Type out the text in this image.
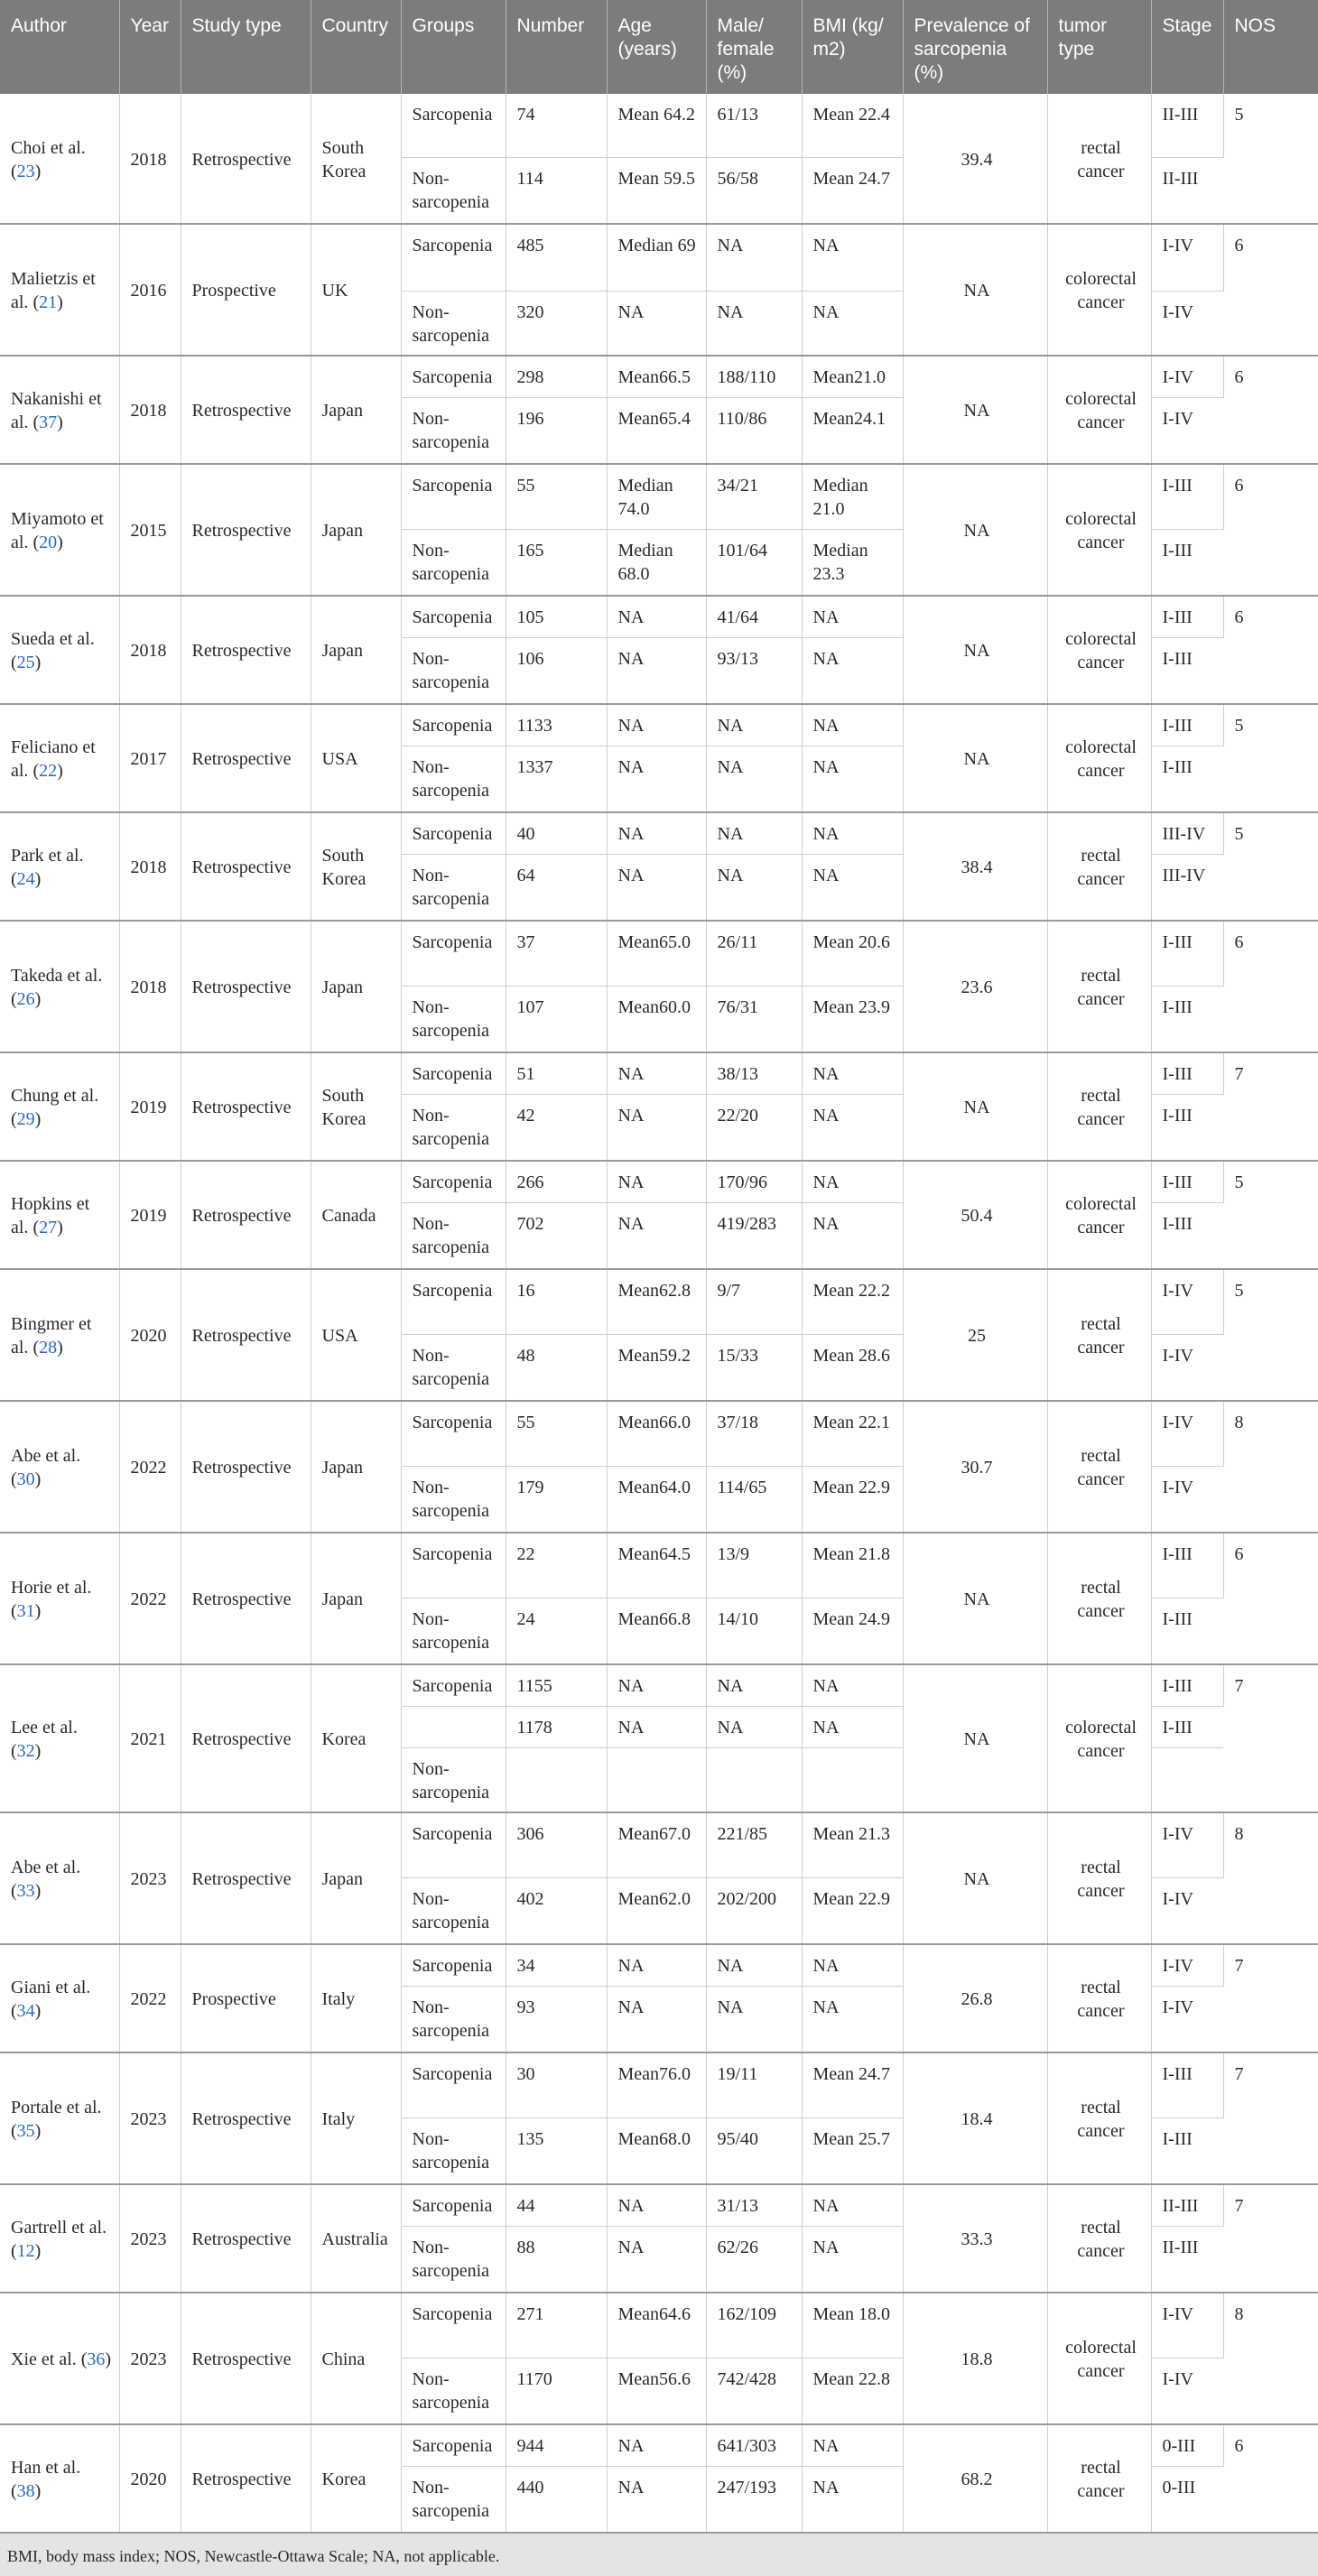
Author	Year	Study type	Country	Groups	Number	Age (years)	Male/ female (%)	BMI (kg/ m2)	Prevalence of sarcopenia (%)	tumor type	Stage	NOS
Choi et al. (23)	2018	Retrospective	South Korea	Sarcopenia	74	Mean 64.2	61/13	Mean 22.4	39.4	rectal cancer	II-III	5
				Non-sarcopenia	114	Mean 59.5	56/58	Mean 24.7			II-III	
Malietzis et al. (21)	2016	Prospective	UK	Sarcopenia	485	Median 69	NA	NA	NA	colorectal cancer	I-IV	6
				Non-sarcopenia	320	NA	NA	NA			I-IV	
Nakanishi et al. (37)	2018	Retrospective	Japan	Sarcopenia	298	Mean66.5	188/110	Mean21.0	NA	colorectal cancer	I-IV	6
				Non-sarcopenia	196	Mean65.4	110/86	Mean24.1			I-IV	
Miyamoto et al. (20)	2015	Retrospective	Japan	Sarcopenia	55	Median 74.0	34/21	Median 21.0	NA	colorectal cancer	I-III	6
				Non-sarcopenia	165	Median 68.0	101/64	Median 23.3			I-III	
Sueda et al. (25)	2018	Retrospective	Japan	Sarcopenia	105	NA	41/64	NA	NA	colorectal cancer	I-III	6
				Non-sarcopenia	106	NA	93/13	NA			I-III	
Feliciano et al. (22)	2017	Retrospective	USA	Sarcopenia	1133	NA	NA	NA	NA	colorectal cancer	I-III	5
				Non-sarcopenia	1337	NA	NA	NA			I-III	
Park et al. (24)	2018	Retrospective	South Korea	Sarcopenia	40	NA	NA	NA	38.4	rectal cancer	III-IV	5
				Non-sarcopenia	64	NA	NA	NA			III-IV	
Takeda et al. (26)	2018	Retrospective	Japan	Sarcopenia	37	Mean65.0	26/11	Mean 20.6	23.6	rectal cancer	I-III	6
				Non-sarcopenia	107	Mean60.0	76/31	Mean 23.9			I-III	
Chung et al. (29)	2019	Retrospective	South Korea	Sarcopenia	51	NA	38/13	NA	NA	rectal cancer	I-III	7
				Non-sarcopenia	42	NA	22/20	NA			I-III	
Hopkins et al. (27)	2019	Retrospective	Canada	Sarcopenia	266	NA	170/96	NA	50.4	colorectal cancer	I-III	5
				Non-sarcopenia	702	NA	419/283	NA			I-III	
Bingmer et al. (28)	2020	Retrospective	USA	Sarcopenia	16	Mean62.8	9/7	Mean 22.2	25	rectal cancer	I-IV	5
				Non-sarcopenia	48	Mean59.2	15/33	Mean 28.6			I-IV	
Abe et al. (30)	2022	Retrospective	Japan	Sarcopenia	55	Mean66.0	37/18	Mean 22.1	30.7	rectal cancer	I-IV	8
				Non-sarcopenia	179	Mean64.0	114/65	Mean 22.9			I-IV	
Horie et al. (31)	2022	Retrospective	Japan	Sarcopenia	22	Mean64.5	13/9	Mean 21.8	NA	rectal cancer	I-III	6
				Non-sarcopenia	24	Mean66.8	14/10	Mean 24.9			I-III	
Lee et al. (32)	2021	Retrospective	Korea	Sarcopenia	1155	NA	NA	NA	NA	colorectal cancer	I-III	7
					1178	NA	NA	NA			I-III	
				Non-sarcopenia								
Abe et al. (33)	2023	Retrospective	Japan	Sarcopenia	306	Mean67.0	221/85	Mean 21.3	NA	rectal cancer	I-IV	8
				Non-sarcopenia	402	Mean62.0	202/200	Mean 22.9			I-IV	
Giani et al. (34)	2022	Prospective	Italy	Sarcopenia	34	NA	NA	NA	26.8	rectal cancer	I-IV	7
				Non-sarcopenia	93	NA	NA	NA			I-IV	
Portale et al. (35)	2023	Retrospective	Italy	Sarcopenia	30	Mean76.0	19/11	Mean 24.7	18.4	rectal cancer	I-III	7
				Non-sarcopenia	135	Mean68.0	95/40	Mean 25.7			I-III	
Gartrell et al. (12)	2023	Retrospective	Australia	Sarcopenia	44	NA	31/13	NA	33.3	rectal cancer	II-III	7
				Non-sarcopenia	88	NA	62/26	NA			II-III	
Xie et al. (36)	2023	Retrospective	China	Sarcopenia	271	Mean64.6	162/109	Mean 18.0	18.8	colorectal cancer	I-IV	8
				Non-sarcopenia	1170	Mean56.6	742/428	Mean 22.8			I-IV	
Han et al. (38)	2020	Retrospective	Korea	Sarcopenia	944	NA	641/303	NA	68.2	rectal cancer	0-III	6
				Non-sarcopenia	440	NA	247/193	NA			0-III	
BMI, body mass index; NOS, Newcastle-Ottawa Scale; NA, not applicable.
